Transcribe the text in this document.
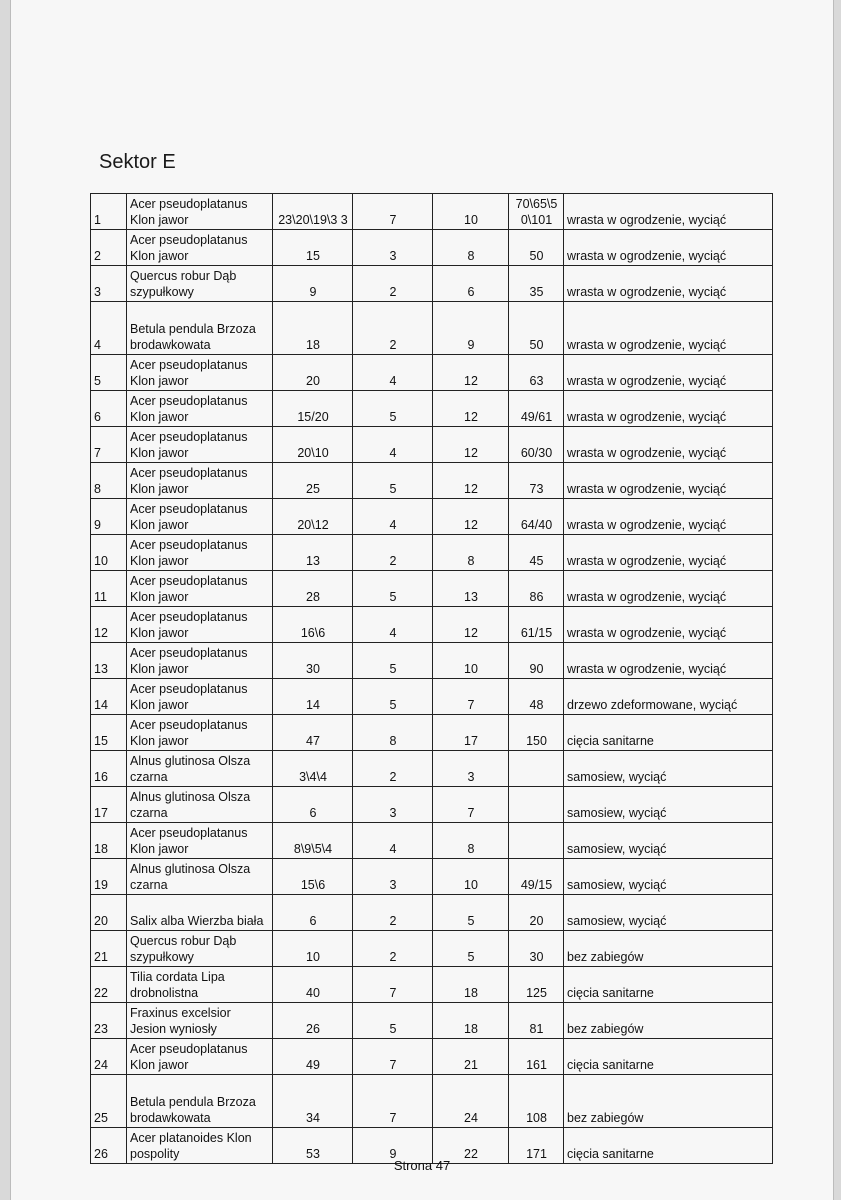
Sektor E
1	Acer pseudoplatanus Klon jawor	23\20\19\3 3	7	10	70\65\5 0\101	wrasta w ogrodzenie, wyciąć
2	Acer pseudoplatanus Klon jawor	15	3	8	50	wrasta w ogrodzenie, wyciąć
3	Quercus robur Dąb szypułkowy	9	2	6	35	wrasta w ogrodzenie, wyciąć
4	Betula pendula Brzoza brodawkowata	18	2	9	50	wrasta w ogrodzenie, wyciąć
5	Acer pseudoplatanus Klon jawor	20	4	12	63	wrasta w ogrodzenie, wyciąć
6	Acer pseudoplatanus Klon jawor	15/20	5	12	49/61	wrasta w ogrodzenie, wyciąć
7	Acer pseudoplatanus Klon jawor	20\10	4	12	60/30	wrasta w ogrodzenie, wyciąć
8	Acer pseudoplatanus Klon jawor	25	5	12	73	wrasta w ogrodzenie, wyciąć
9	Acer pseudoplatanus Klon jawor	20\12	4	12	64/40	wrasta w ogrodzenie, wyciąć
10	Acer pseudoplatanus Klon jawor	13	2	8	45	wrasta w ogrodzenie, wyciąć
11	Acer pseudoplatanus Klon jawor	28	5	13	86	wrasta w ogrodzenie, wyciąć
12	Acer pseudoplatanus Klon jawor	16\6	4	12	61/15	wrasta w ogrodzenie, wyciąć
13	Acer pseudoplatanus Klon jawor	30	5	10	90	wrasta w ogrodzenie, wyciąć
14	Acer pseudoplatanus Klon jawor	14	5	7	48	drzewo zdeformowane, wyciąć
15	Acer pseudoplatanus Klon jawor	47	8	17	150	cięcia sanitarne
16	Alnus glutinosa Olsza czarna	3\4\4	2	3		samosiew, wyciąć
17	Alnus glutinosa Olsza czarna	6	3	7		samosiew, wyciąć
18	Acer pseudoplatanus Klon jawor	8\9\5\4	4	8		samosiew, wyciąć
19	Alnus glutinosa Olsza czarna	15\6	3	10	49/15	samosiew, wyciąć
20	Salix alba Wierzba biała	6	2	5	20	samosiew, wyciąć
21	Quercus robur Dąb szypułkowy	10	2	5	30	bez zabiegów
22	Tilia cordata Lipa drobnolistna	40	7	18	125	cięcia sanitarne
23	Fraxinus excelsior Jesion wyniosły	26	5	18	81	bez zabiegów
24	Acer pseudoplatanus Klon jawor	49	7	21	161	cięcia sanitarne
25	Betula pendula Brzoza brodawkowata	34	7	24	108	bez zabiegów
26	Acer platanoides Klon pospolity	53	9	22	171	cięcia sanitarne
Strona 47
